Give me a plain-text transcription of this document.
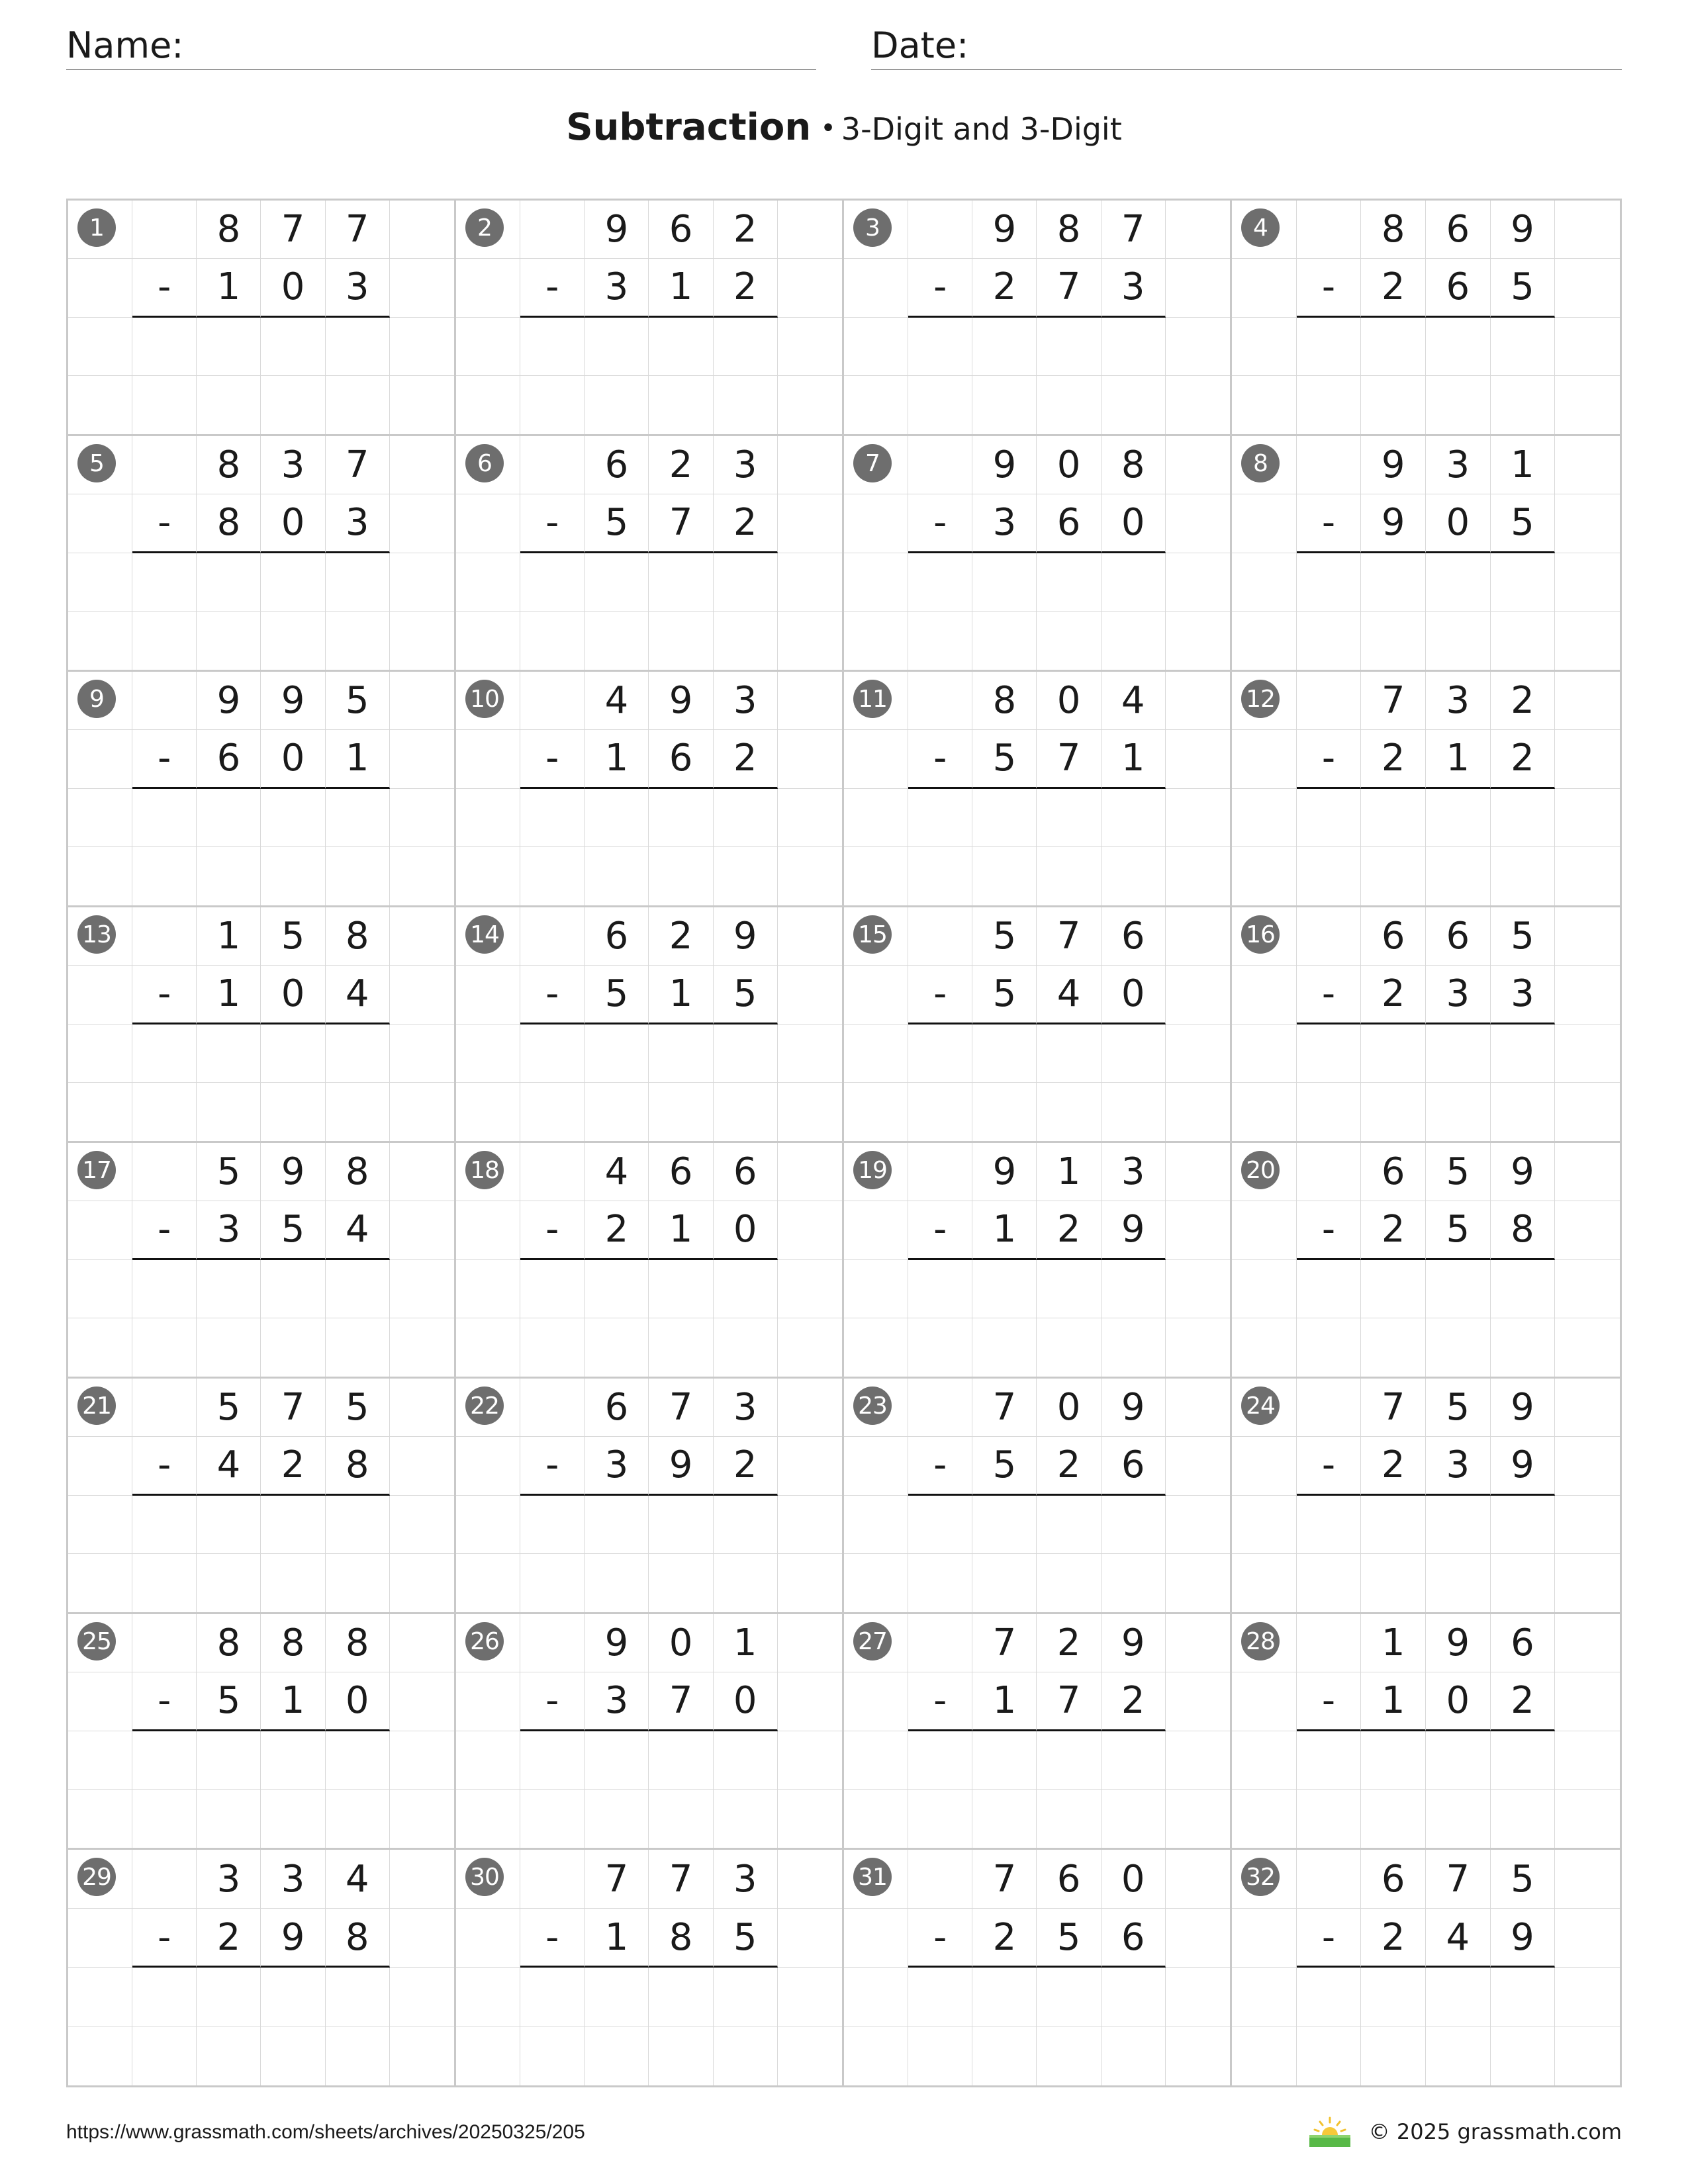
Name:	Date:
Subtraction • 3-Digit and 3-Digit
1	8	7	7
-	1	0	3
2	9	6	2
-	3	1	2
3	9	8	7
-	2	7	3
4	8	6	9
-	2	6	5
5	8	3	7
-	8	0	3
6	6	2	3
-	5	7	2
7	9	0	8
-	3	6	0
8	9	3	1
-	9	0	5
9	9	9	5
-	6	0	1
10	4	9	3
-	1	6	2
11	8	0	4
-	5	7	1
12	7	3	2
-	2	1	2
13	1	5	8
-	1	0	4
14	6	2	9
-	5	1	5
15	5	7	6
-	5	4	0
16	6	6	5
-	2	3	3
17	5	9	8
-	3	5	4
18	4	6	6
-	2	1	0
19	9	1	3
-	1	2	9
20	6	5	9
-	2	5	8
21	5	7	5
-	4	2	8
22	6	7	3
-	3	9	2
23	7	0	9
-	5	2	6
24	7	5	9
-	2	3	9
25	8	8	8
-	5	1	0
26	9	0	1
-	3	7	0
27	7	2	9
-	1	7	2
28	1	9	6
-	1	0	2
29	3	3	4
-	2	9	8
30	7	7	3
-	1	8	5
31	7	6	0
-	2	5	6
32	6	7	5
-	2	4	9
https://www.grassmath.com/sheets/archives/20250325/205	© 2025 grassmath.com
